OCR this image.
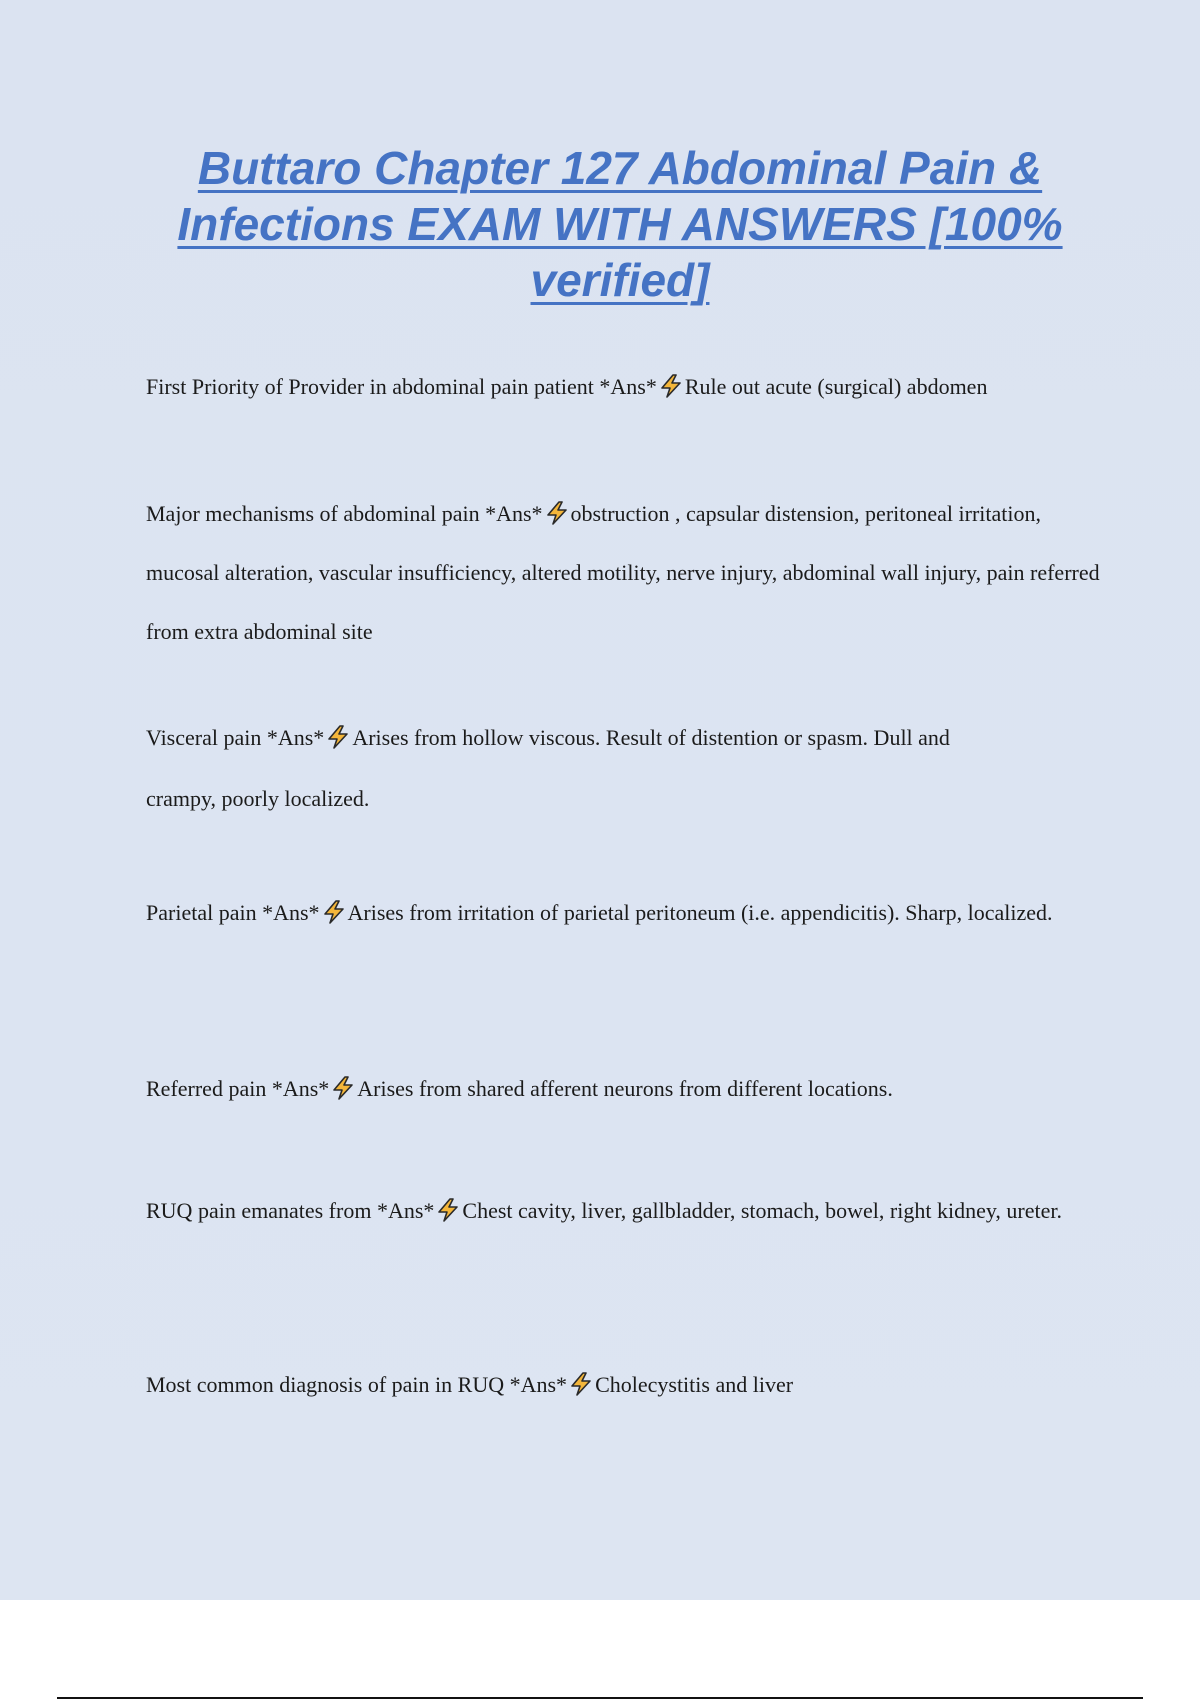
Buttaro Chapter 127 Abdominal Pain & Infections EXAM WITH ANSWERS [100% verified]

First Priority of Provider in abdominal pain patient *Ans* Rule out acute (surgical) abdomen

Major mechanisms of abdominal pain *Ans* obstruction , capsular distension, peritoneal irritation, mucosal alteration, vascular insufficiency, altered motility, nerve injury, abdominal wall injury, pain referred from extra abdominal site

Visceral pain *Ans* Arises from hollow viscous. Result of distention or spasm. Dull and crampy, poorly localized.

Parietal pain *Ans* Arises from irritation of parietal peritoneum (i.e. appendicitis). Sharp, localized.

Referred pain *Ans* Arises from shared afferent neurons from different locations.

RUQ pain emanates from *Ans* Chest cavity, liver, gallbladder, stomach, bowel, right kidney, ureter.

Most common diagnosis of pain in RUQ *Ans* Cholecystitis and liver
